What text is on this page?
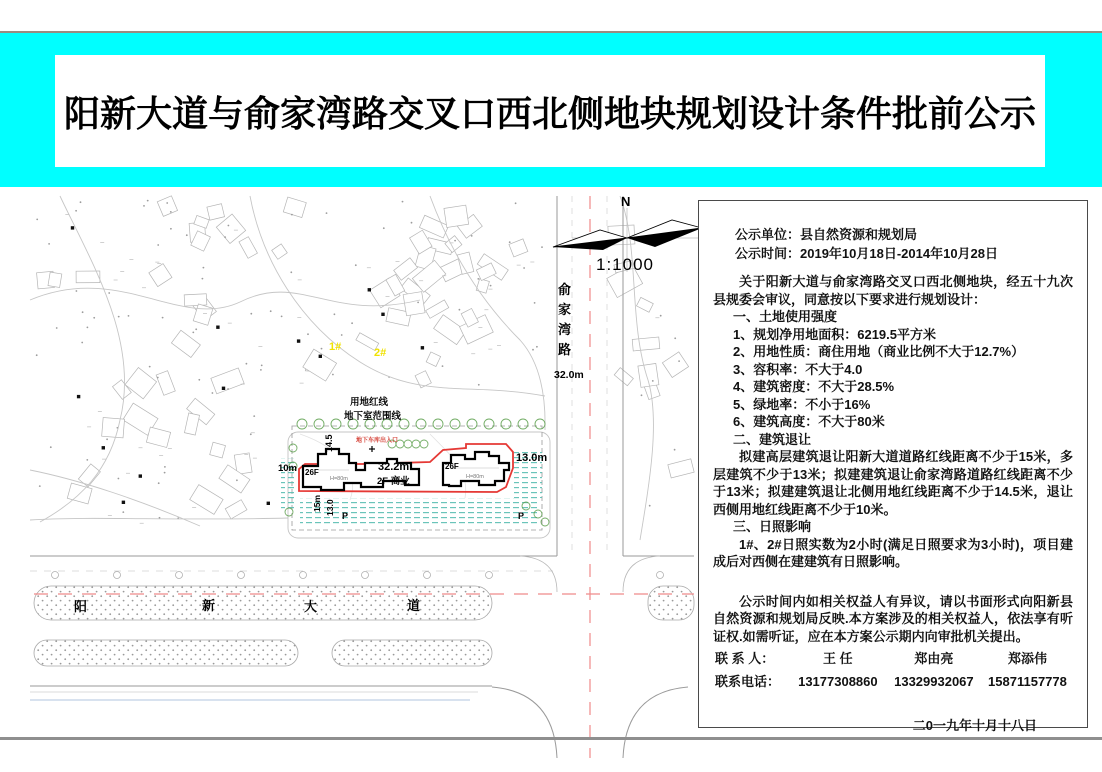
俞
家
湾
路
32.0m
阳	新	大	道
地下车库出入口
用地红线
地下室范围线
26F
H=80m
26F
H=80m
32.2m
2F 商业
10m
13.0m
14.5
15m 13.0 P	P
1#	2#
N
1:1000
阳新大道与俞家湾路交叉口西北侧地块规划设计条件批前公示

公示单位：县自然资源和规划局

公示时间：2019年10月18日-2014年10月28日

关于阳新大道与俞家湾路交叉口西北侧地块，经五十九次县规委会审议，同意按以下要求进行规划设计：

一、土地使用强度

1、规划净用地面积：6219.5平方米

2、用地性质：商住用地（商业比例不大于12.7%）

3、容积率：不大于4.0

4、建筑密度：不大于28.5%

5、绿地率：不小于16%

6、建筑高度：不大于80米

二、建筑退让

拟建高层建筑退让阳新大道道路红线距离不少于15米，多层建筑不少于13米；拟建建筑退让俞家湾路道路红线距离不少于13米；拟建建筑退让北侧用地红线距离不少于14.5米，退让西侧用地红线距离不少于10米。

三、日照影响

1#、2#日照实数为2小时(满足日照要求为3小时)，项目建成后对西侧在建建筑有日照影响。

公示时间内如相关权益人有异议，请以书面形式向阳新县自然资源和规划局反映.本方案涉及的相关权益人，依法享有听证权.如需听证，应在本方案公示期内向审批机关提出。

联 系 人：	王 任	郑由亮	郑添伟
联系电话：	13177308860	13329932067	15871157778

二0一九年十月十八日
